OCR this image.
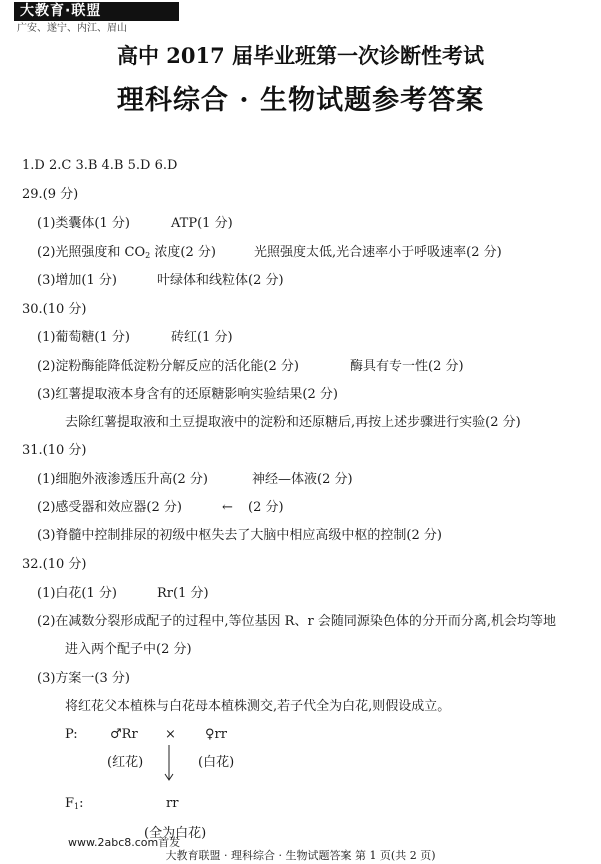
大教育·联盟
广安、遂宁、内江、眉山
高中 2017 届毕业班第一次诊断性考试
理科综合 · 生物试题参考答案
1.D 2.C 3.B 4.B 5.D 6.D
29.(9 分)
(1)类囊体(1 分)	ATP(1 分)
(2)光照强度和 $CO_2$ 浓度(2 分)	光照强度太低,光合速率小于呼吸速率(2 分)
(3)增加(1 分)	叶绿体和线粒体(2 分)
30.(10 分)
(1)葡萄糖(1 分)	砖红(1 分)
(2)淀粉酶能降低淀粉分解反应的活化能(2 分)	酶具有专一性(2 分)
(3)红薯提取液本身含有的还原糖影响实验结果(2 分)
去除红薯提取液和土豆提取液中的淀粉和还原糖后,再按上述步骤进行实验(2 分)
31.(10 分)
(1)细胞外液渗透压升高(2 分)	神经—体液(2 分)
(2)感受器和效应器(2 分)	← (2 分)
(3)脊髓中控制排尿的初级中枢失去了大脑中相应高级中枢的控制(2 分)
32.(10 分)
(1)白花(1 分)	Rr(1 分)
(2)在减数分裂形成配子的过程中,等位基因 R、r 会随同源染色体的分开而分离,机会均等地
进入两个配子中(2 分)
(3)方案一(3 分)
将红花父本植株与白花母本植株测交,若子代全为白花,则假设成立。
P: ♂Rr × ♀rr
(红花)	(白花)
$F_1$:	rr
(全为白花)
www.2abc8.com首发
大教育联盟 · 理科综合 · 生物试题答案 第 1 页(共 2 页)
